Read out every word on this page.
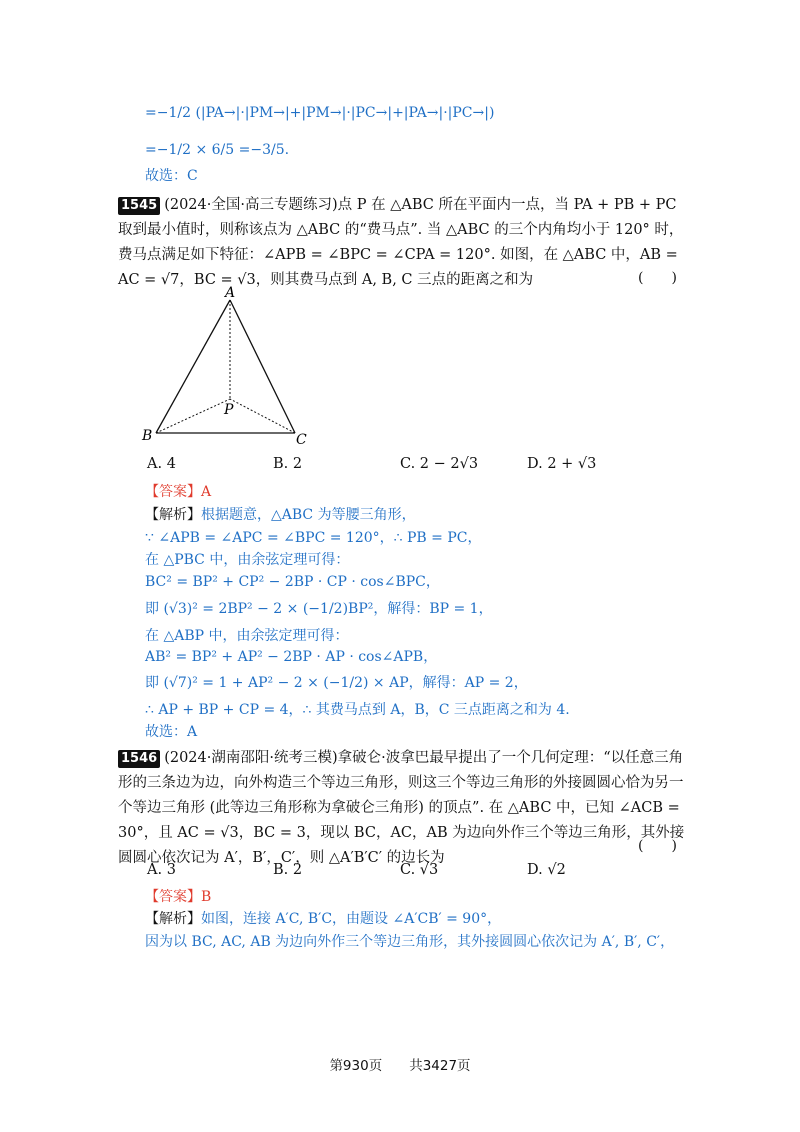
=−1/2 (|PA→|·|PM→|+|PM→|·|PC→|+|PA→|·|PC→|)
=−1/2 × 6/5 =−3/5.
故选：C
1545 (2024·全国·高三专题练习)点 P 在 △ABC 所在平面内一点，当 PA + PB + PC 取到最小值时，则称该点为 △ABC 的“费马点”. 当 △ABC 的三个内角均小于 120° 时，费马点满足如下特征：∠APB = ∠BPC = ∠CPA = 120°. 如图，在 △ABC 中，AB = AC = √7，BC = √3，则其费马点到 A, B, C 三点的距离之和为	(　　)
A
B	C
P
A. 4	B. 2	C. 2 − 2√3	D. 2 + √3
【答案】A
【解析】根据题意，△ABC 为等腰三角形，
∵ ∠APB = ∠APC = ∠BPC = 120°，∴ PB = PC，
在 △PBC 中，由余弦定理可得：
BC² = BP² + CP² − 2BP · CP · cos∠BPC，
即 (√3)² = 2BP² − 2 × (−1/2)BP²，解得：BP = 1，
在 △ABP 中，由余弦定理可得：
AB² = BP² + AP² − 2BP · AP · cos∠APB，
即 (√7)² = 1 + AP² − 2 × (−1/2) × AP，解得：AP = 2，
∴ AP + BP + CP = 4，∴ 其费马点到 A，B，C 三点距离之和为 4.
故选：A
1546 (2024·湖南邵阳·统考三模)拿破仑·波拿巴最早提出了一个几何定理：“以任意三角形的三条边为边，向外构造三个等边三角形，则这三个等边三角形的外接圆圆心恰为另一个等边三角形 (此等边三角形称为拿破仑三角形) 的顶点”. 在 △ABC 中，已知 ∠ACB = 30°，且 AC = √3，BC = 3，现以 BC，AC，AB 为边向外作三个等边三角形，其外接圆圆心依次记为 A′，B′，C′，则 △A′B′C′ 的边长为
(　　)
A. 3	B. 2	C. √3	D. √2
【答案】B
【解析】如图，连接 A′C, B′C，由题设 ∠A′CB′ = 90°，
因为以 BC, AC, AB 为边向外作三个等边三角形，其外接圆圆心依次记为 A′, B′, C′，
第930页　　共3427页
